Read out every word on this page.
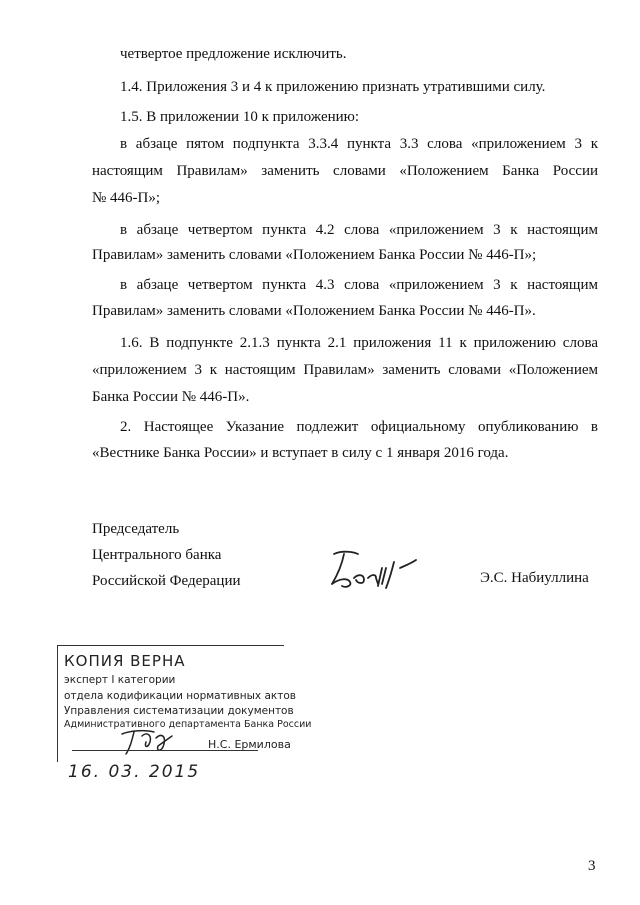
четвертое предложение исключить.
1.4. Приложения 3 и 4 к приложению признать утратившими силу.
1.5. В приложении 10 к приложению:
в абзаце пятом подпункта 3.3.4 пункта 3.3 слова «приложением 3 к
настоящим Правилам» заменить словами «Положением Банка России
№ 446-П»;
в абзаце четвертом пункта 4.2 слова «приложением 3 к настоящим
Правилам» заменить словами «Положением Банка России № 446-П»;
в абзаце четвертом пункта 4.3 слова «приложением 3 к настоящим
Правилам» заменить словами «Положением Банка России № 446-П».
1.6. В подпункте 2.1.3 пункта 2.1 приложения 11 к приложению слова
«приложением 3 к настоящим Правилам» заменить словами «Положением
Банка России № 446-П».
2. Настоящее Указание подлежит официальному опубликованию в
«Вестнике Банка России» и вступает в силу с 1 января 2016 года.
Председатель
Центрального банка
Российской Федерации	Э.С. Набиуллина
КОПИЯ ВЕРНА
эксперт I категории
отдела кодификации нормативных актов
Управления систематизации документов
Административного департамента Банка России
Н.С. Ермилова
16. 03. 2015
3
